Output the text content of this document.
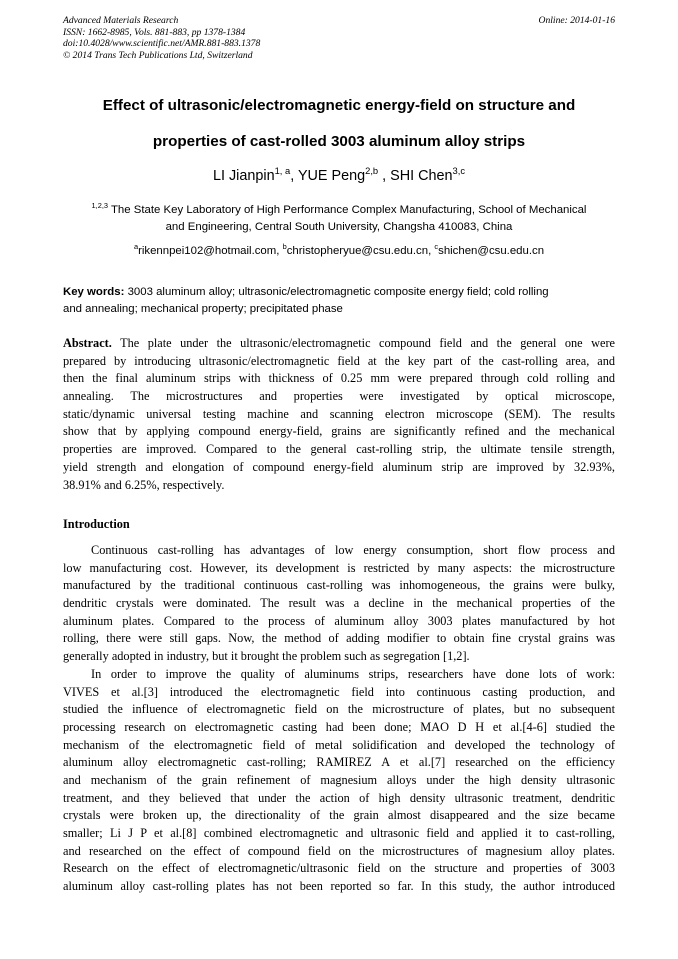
Advanced Materials Research
ISSN: 1662-8985, Vols. 881-883, pp 1378-1384
doi:10.4028/www.scientific.net/AMR.881-883.1378
© 2014 Trans Tech Publications Ltd, Switzerland
Online: 2014-01-16
Effect of ultrasonic/electromagnetic energy-field on structure and
properties of cast-rolled 3003 aluminum alloy strips
LI Jianpin$^{1, a}$, YUE Peng$^{2,b}$ , SHI Chen$^{3,c}$
$^{1,2,3}$ The State Key Laboratory of High Performance Complex Manufacturing, School of Mechanical
and Engineering, Central South University, Changsha 410083, China
$^a$rikennpei102@hotmail.com, $^b$christopheryue@csu.edu.cn, $^c$shichen@csu.edu.cn
Key words: 3003 aluminum alloy; ultrasonic/electromagnetic composite energy field; cold rolling
and annealing; mechanical property; precipitated phase
Abstract. The plate under the ultrasonic/electromagnetic compound field and the general one were
prepared by introducing ultrasonic/electromagnetic field at the key part of the cast-rolling area, and
then the final aluminum strips with thickness of 0.25 mm were prepared through cold rolling and
annealing. The microstructures and properties were investigated by optical microscope,
static/dynamic universal testing machine and scanning electron microscope (SEM). The results
show that by applying compound energy-field, grains are significantly refined and the mechanical
properties are improved. Compared to the general cast-rolling strip, the ultimate tensile strength,
yield strength and elongation of compound energy-field aluminum strip are improved by 32.93%,
38.91% and 6.25%, respectively.
Introduction
Continuous cast-rolling has advantages of low energy consumption, short flow process and
low manufacturing cost. However, its development is restricted by many aspects: the microstructure
manufactured by the traditional continuous cast-rolling was inhomogeneous, the grains were bulky,
dendritic crystals were dominated. The result was a decline in the mechanical properties of the
aluminum plates. Compared to the process of aluminum alloy 3003 plates manufactured by hot
rolling, there were still gaps. Now, the method of adding modifier to obtain fine crystal grains was
generally adopted in industry, but it brought the problem such as segregation [1,2].
In order to improve the quality of aluminums strips, researchers have done lots of work:
VIVES et al.[3] introduced the electromagnetic field into continuous casting production, and
studied the influence of electromagnetic field on the microstructure of plates, but no subsequent
processing research on electromagnetic casting had been done; MAO D H et al.[4-6] studied the
mechanism of the electromagnetic field of metal solidification and developed the technology of
aluminum alloy electromagnetic cast-rolling; RAMIREZ A et al.[7] researched on the efficiency
and mechanism of the grain refinement of magnesium alloys under the high density ultrasonic
treatment, and they believed that under the action of high density ultrasonic treatment, dendritic
crystals were broken up, the directionality of the grain almost disappeared and the size became
smaller; Li J P et al.[8] combined electromagnetic and ultrasonic field and applied it to cast-rolling,
and researched on the effect of compound field on the microstructures of magnesium alloy plates.
Research on the effect of electromagnetic/ultrasonic field on the structure and properties of 3003
aluminum alloy cast-rolling plates has not been reported so far. In this study, the author introduced
